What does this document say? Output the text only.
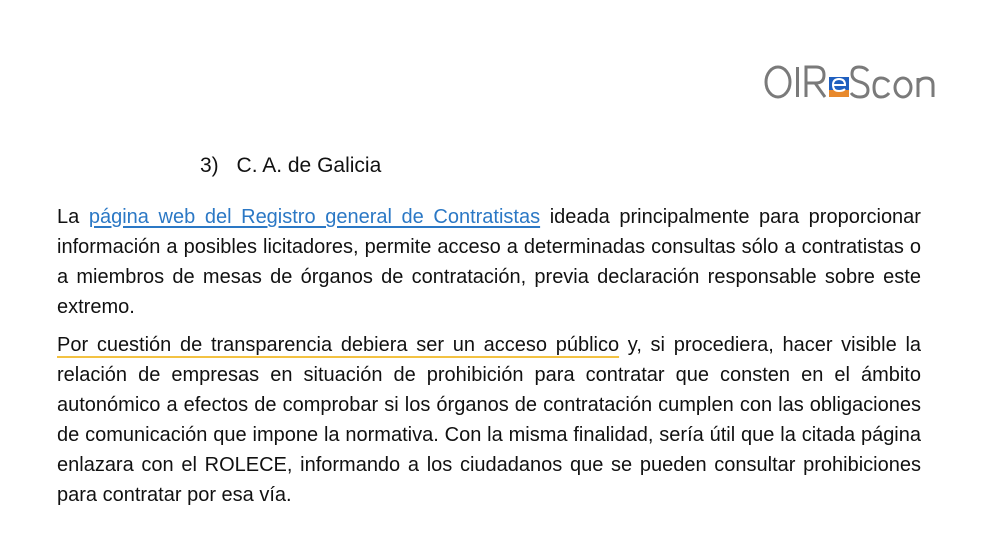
3) C. A. de Galicia

La página web del Registro general de Contratistas ideada principalmente para proporcionar información a posibles licitadores, permite acceso a determinadas consultas sólo a contratistas o a miembros de mesas de órganos de contratación, previa declaración responsable sobre este extremo.

Por cuestión de transparencia debiera ser un acceso público y, si procediera, hacer visible la relación de empresas en situación de prohibición para contratar que consten en el ámbito autonómico a efectos de comprobar si los órganos de contratación cumplen con las obligaciones de comunicación que impone la normativa. Con la misma finalidad, sería útil que la citada página enlazara con el ROLECE, informando a los ciudadanos que se pueden consultar prohibiciones para contratar por esa vía.
